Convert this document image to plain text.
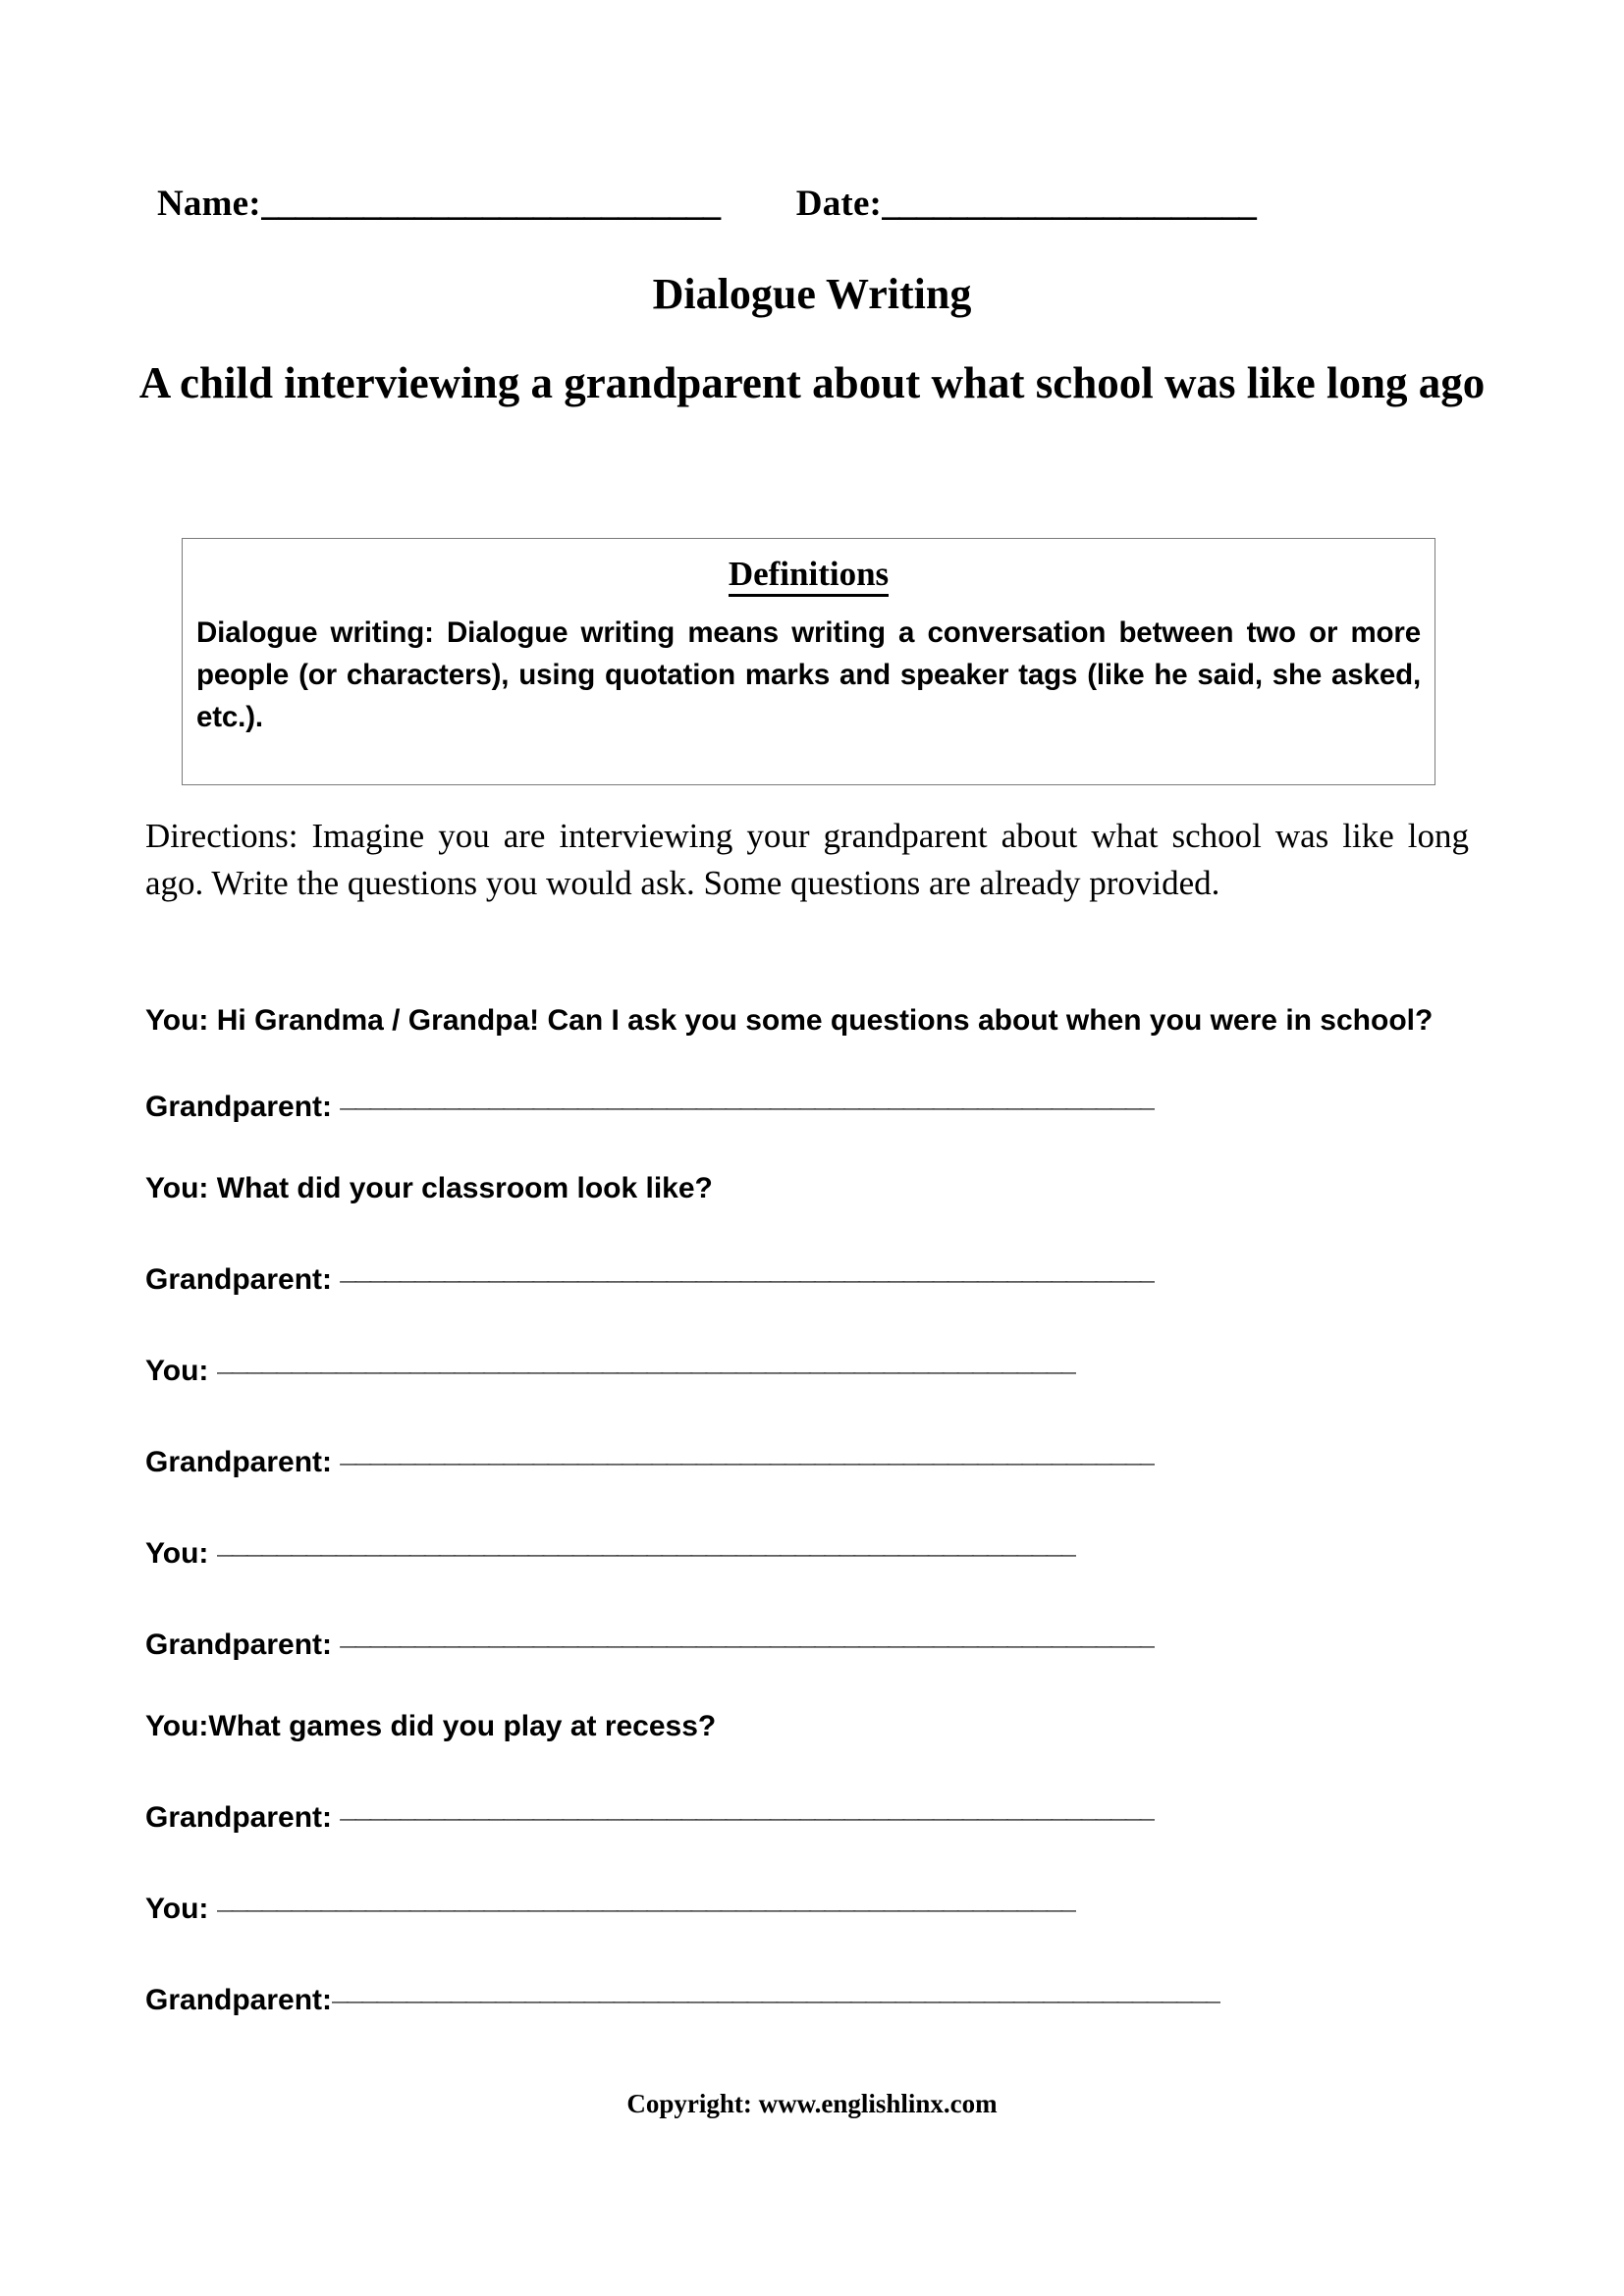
Name: ___________________________	Date: ______________________
Dialogue Writing
A child interviewing a grandparent about what school was like long ago
Definitions

Dialogue writing: Dialogue writing means writing a conversation between two or more people (or characters), using quotation marks and speaker tags (like he said, she asked, etc.).

Directions: Imagine you are interviewing your grandparent about what school was like long ago. Write the questions you would ask. Some questions are already provided.

You: Hi Grandma / Grandpa! Can I ask you some questions about when you were in school?
Grandparent: _______________________________________________________
You: What did your classroom look like?
Grandparent: _______________________________________________________
You: __________________________________________________________
Grandparent: _______________________________________________________
You: __________________________________________________________
Grandparent: _______________________________________________________
You:What games did you play at recess?
Grandparent: _______________________________________________________
You: __________________________________________________________
Grandparent:____________________________________________________________
Copyright: www.englishlinx.com
